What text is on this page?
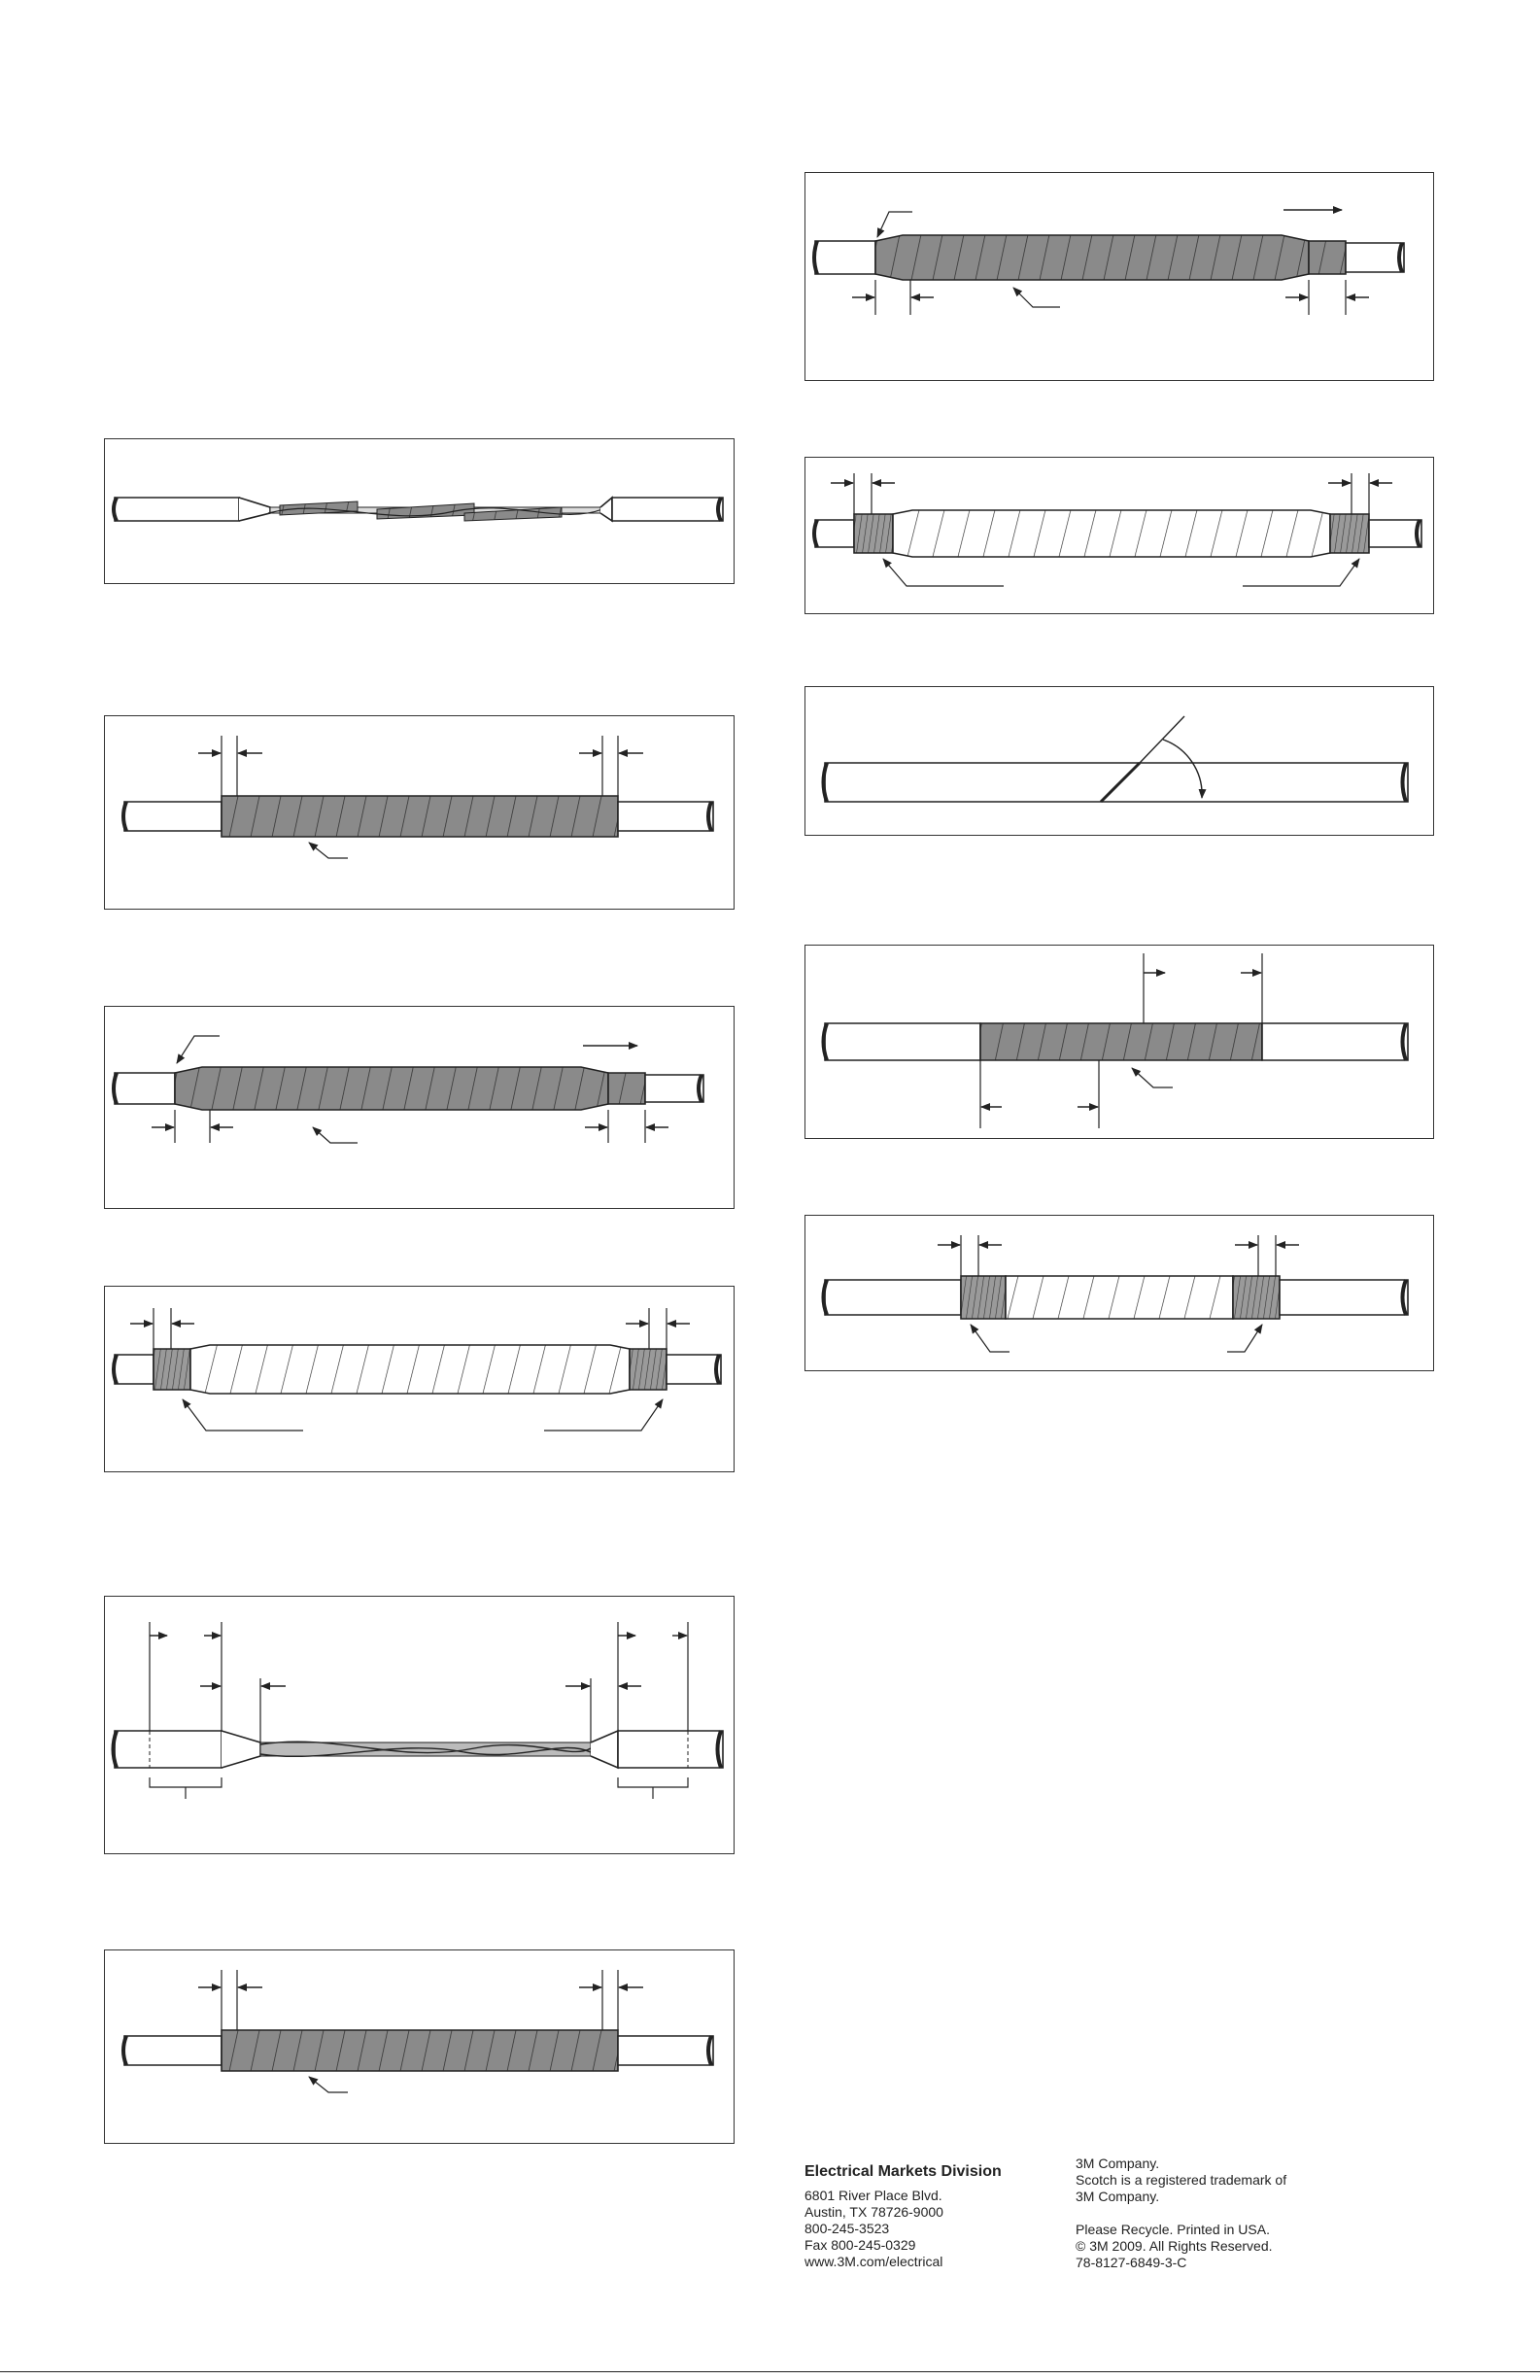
Electrical Markets Division
6801 River Place Blvd.
Austin, TX 78726-9000
800-245-3523
Fax 800-245-0329
www.3M.com/electrical
3M Company.
Scotch is a registered trademark of
3M Company.
Please Recycle. Printed in USA.
© 3M 2009. All Rights Reserved.
78-8127-6849-3-C
